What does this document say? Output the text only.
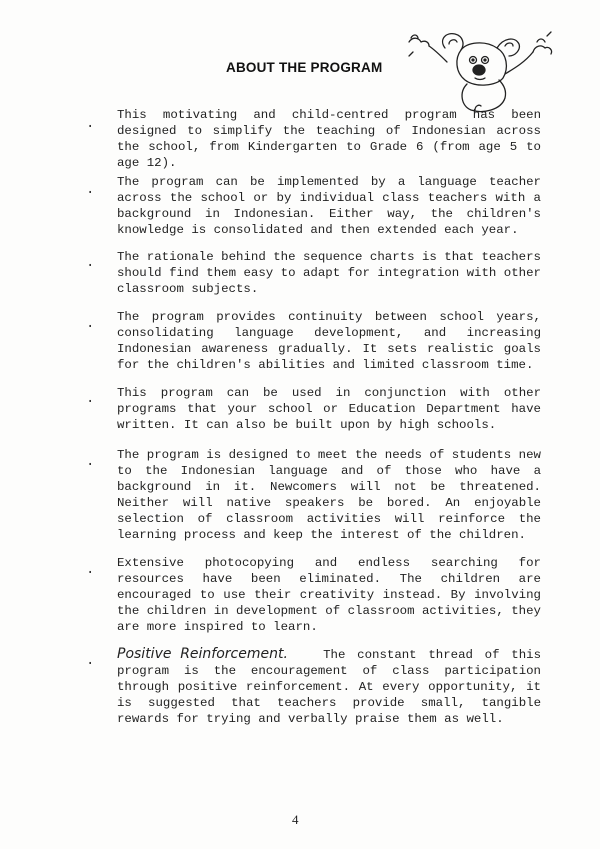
ABOUT THE PROGRAM
.

This motivating and child-centred program has been designed to simplify the teaching of Indonesian across the school, from Kindergarten to Grade 6 (from age 5 to age 12).

. The program can be implemented by a language teacher across the school or by individual class teachers with a background in Indonesian. Either way, the children's knowledge is consolidated and then extended each year.

. The rationale behind the sequence charts is that teachers should find them easy to adapt for integration with other classroom subjects.

. The program provides continuity between school years, consolidating language development, and increasing Indonesian awareness gradually. It sets realistic goals for the children's abilities and limited classroom time.

. This program can be used in conjunction with other programs that your school or Education Department have written. It can also be built upon by high schools.

. The program is designed to meet the needs of students new to the Indonesian language and of those who have a background in it. Newcomers will not be threatened. Neither will native speakers be bored. An enjoyable selection of classroom activities will reinforce the learning process and keep the interest of the children.

. Extensive photocopying and endless searching for resources have been eliminated. The children are encouraged to use their creativity instead. By involving the children in development of classroom activities, they are more inspired to learn.

. Positive Reinforcement.	The constant thread of this program is the encouragement of class participation through positive reinforcement. At every opportunity, it is suggested that teachers provide small, tangible rewards for trying and verbally praise them as well.

4
